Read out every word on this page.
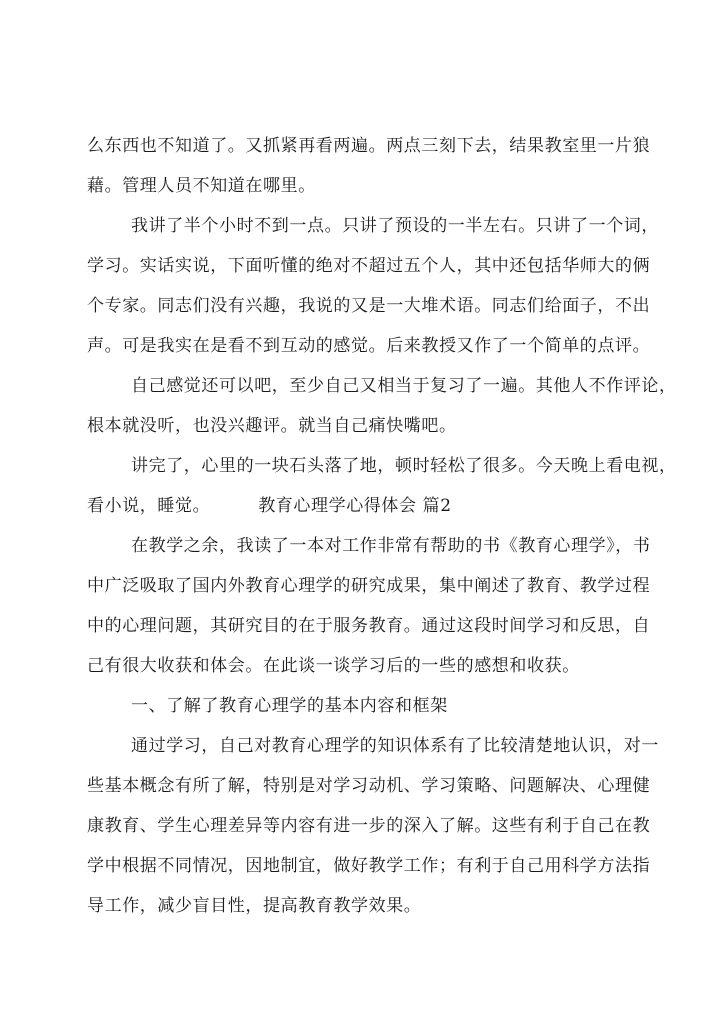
么东西也不知道了。又抓紧再看两遍。两点三刻下去，结果教室里一片狼
藉。管理人员不知道在哪里。
我讲了半个小时不到一点。只讲了预设的一半左右。只讲了一个词，
学习。实话实说，下面听懂的绝对不超过五个人，其中还包括华师大的俩
个专家。同志们没有兴趣，我说的又是一大堆术语。同志们给面子，不出
声。可是我实在是看不到互动的感觉。后来教授又作了一个简单的点评。
自己感觉还可以吧，至少自己又相当于复习了一遍。其他人不作评论，
根本就没听，也没兴趣评。就当自己痛快嘴吧。
讲完了，心里的一块石头落了地，顿时轻松了很多。今天晚上看电视，
看小说，睡觉。	教育心理学心得体会 篇2
在教学之余，我读了一本对工作非常有帮助的书《教育心理学》，书
中广泛吸取了国内外教育心理学的研究成果，集中阐述了教育、教学过程
中的心理问题，其研究目的在于服务教育。通过这段时间学习和反思，自
己有很大收获和体会。在此谈一谈学习后的一些的感想和收获。
一、了解了教育心理学的基本内容和框架
通过学习，自己对教育心理学的知识体系有了比较清楚地认识，对一
些基本概念有所了解，特别是对学习动机、学习策略、问题解决、心理健
康教育、学生心理差异等内容有进一步的深入了解。这些有利于自己在教
学中根据不同情况，因地制宜，做好教学工作；有利于自己用科学方法指
导工作，减少盲目性，提高教育教学效果。
